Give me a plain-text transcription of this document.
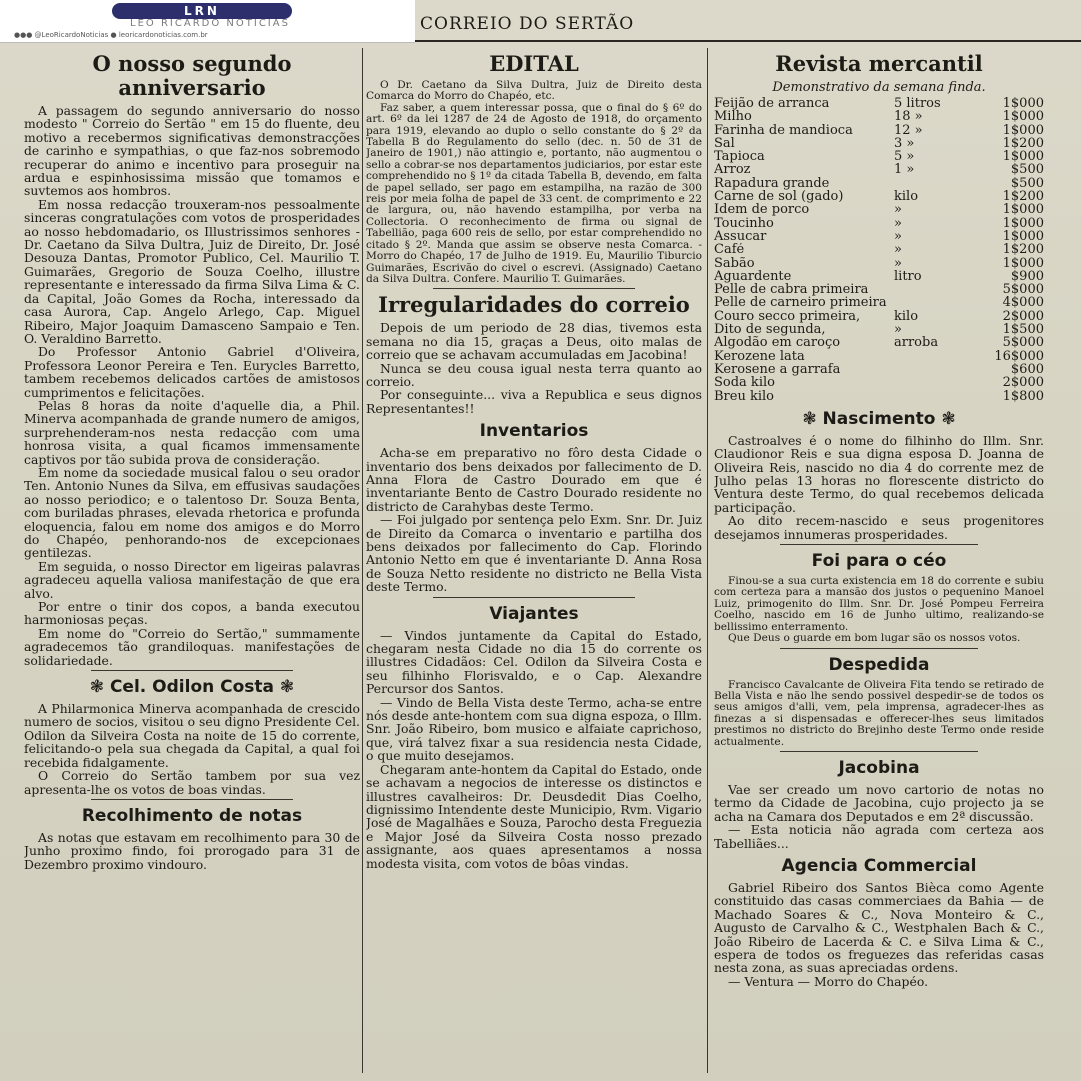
CORREIO DO SERTÃO
O nosso segundo anniversario

A passagem do segundo anniversario do nosso modesto " Correio do Sertão " em 15 do fluente, deu motivo a recebermos significativas demonstracções de carinho e sympathias, o que faz-nos sobremodo recuperar do animo e incentivo para proseguir na ardua e espinhosissima missão que tomamos e suvtemos aos hombros.

Em nossa redacção trouxeram-nos pessoalmente sinceras congratulações com votos de prosperidades ao nosso hebdomadario, os Illustrissimos senhores - Dr. Caetano da Silva Dultra, Juiz de Direito, Dr. José Desouza Dantas, Promotor Publico, Cel. Maurilio T. Guimarães, Gregorio de Souza Coelho, illustre representante e interessado da firma Silva Lima & C. da Capital, João Gomes da Rocha, interessado da casa Aurora, Cap. Angelo Arlego, Cap. Miguel Ribeiro, Major Joaquim Damasceno Sampaio e Ten. O. Veraldino Barretto.

Do Professor Antonio Gabriel d'Oliveira, Professora Leonor Pereira e Ten. Eurycles Barretto, tambem recebemos delicados cartões de amistosos cumprimentos e felicitações.

Pelas 8 horas da noite d'aquelle dia, a Phil. Minerva acompanhada de grande numero de amigos, surprehenderam-nos nesta redacção com uma honrosa visita, a qual ficamos immensamente captivos por tão subida prova de consideração.

Em nome da sociedade musical falou o seu orador Ten. Antonio Nunes da Silva, em effusivas saudações ao nosso periodico; e o talentoso Dr. Souza Benta, com buriladas phrases, elevada rhetorica e profunda eloquencia, falou em nome dos amigos e do Morro do Chapéo, penhorando-nos de excepcionaes gentilezas.

Em seguida, o nosso Director em ligeiras palavras agradeceu aquella valiosa manifestação de que era alvo.

Por entre o tinir dos copos, a banda executou harmoniosas peças.

Em nome do "Correio do Sertão," summamente agradecemos tão grandiloquas. manifestações de solidariedade.

❃ Cel. Odilon Costa ❃

A Philarmonica Minerva acompanhada de crescido numero de socios, visitou o seu digno Presidente Cel. Odilon da Silveira Costa na noite de 15 do corrente, felicitando-o pela sua chegada da Capital, a qual foi recebida fidalgamente.

O Correio do Sertão tambem por sua vez apresenta-lhe os votos de boas vindas.

Recolhimento de notas

As notas que estavam em recolhimento para 30 de Junho proximo findo, foi prorogado para 31 de Dezembro proximo vindouro.

EDITAL

O Dr. Caetano da Silva Dultra, Juiz de Direito desta Comarca do Morro do Chapéo, etc.

Faz saber, a quem interessar possa, que o final do § 6º do art. 6º da lei 1287 de 24 de Agosto de 1918, do orçamento para 1919, elevando ao duplo o sello constante do § 2º da Tabella B do Regulamento do sello (dec. n. 50 de 31 de Janeiro de 1901,) não attingio e, portanto, não augmentou o sello a cobrar-se nos departamentos judiciarios, por estar este comprehendido no § 1º da citada Tabella B, devendo, em falta de papel sellado, ser pago em estampilha, na razão de 300 reis por meia folha de papel de 33 cent. de comprimento e 22 de largura, ou, não havendo estampilha, por verba na Collectoria. O reconhecimento de firma ou signal de Tabellião, paga 600 reis de sello, por estar comprehendido no citado § 2º. Manda que assim se observe nesta Comarca. - Morro do Chapéo, 17 de Julho de 1919. Eu, Maurilio Tiburcio Guimarães, Escrivão do civel o escrevi. (Assignado) Caetano da Silva Dultra. Confere. Maurilio T. Guimarães.

Irregularidades do correio

Depois de um periodo de 28 dias, tivemos esta semana no dia 15, graças a Deus, oito malas de correio que se achavam accumuladas em Jacobina!

Nunca se deu cousa igual nesta terra quanto ao correio.

Por conseguinte... viva a Republica e seus dignos Representantes!!

Inventarios

Acha-se em preparativo no fôro desta Cidade o inventario dos bens deixados por fallecimento de D. Anna Flora de Castro Dourado em que é inventariante Bento de Castro Dourado residente no districto de Carahybas deste Termo.

— Foi julgado por sentença pelo Exm. Snr. Dr. Juiz de Direito da Comarca o inventario e partilha dos bens deixados por fallecimento do Cap. Florindo Antonio Netto em que é inventariante D. Anna Rosa de Souza Netto residente no districto ne Bella Vista deste Termo.

Viajantes

— Vindos juntamente da Capital do Estado, chegaram nesta Cidade no dia 15 do corrente os illustres Cidadãos: Cel. Odilon da Silveira Costa e seu filhinho Florisvaldo, e o Cap. Alexandre Percursor dos Santos.

— Vindo de Bella Vista deste Termo, acha-se entre nós desde ante-hontem com sua digna espoza, o Illm. Snr. João Ribeiro, bom musico e alfaiate caprichoso, que, virá talvez fixar a sua residencia nesta Cidade, o que muito desejamos.

Chegaram ante-hontem da Capital do Estado, onde se achavam a negocios de interesse os distinctos e illustres cavalheiros: Dr. Deusdedit Dias Coelho, dignissimo Intendente deste Municipio, Rvm. Vigario José de Magalhães e Souza, Parocho desta Freguezia e Major José da Silveira Costa nosso prezado assignante, aos quaes apresentamos a nossa modesta visita, com votos de bôas vindas.

Revista mercantil
Demonstrativo da semana finda.
Feijão de arranca	5 litros	1$000
Milho	18 »	1$000
Farinha de mandioca	12 »	1$000
Sal	3 »	1$200
Tapioca	5 »	1$000
Arroz	1 »	$500
Rapadura grande	$500
Carne de sol (gado)	kilo	1$200
Idem de porco	»	1$000
Toucinho	»	1$000
Assucar	»	1$000
Café	»	1$200
Sabão	»	1$000
Aguardente	litro	$900
Pelle de cabra primeira	5$000
Pelle de carneiro primeira	4$000
Couro secco primeira,	kilo	2$000
Dito de segunda,	»	1$500
Algodão em caroço	arroba	5$000
Kerozene lata	16$000
Kerosene a garrafa	$600
Soda kilo	2$000
Breu kilo	1$800
❃ Nascimento ❃

Castroalves é o nome do filhinho do Illm. Snr. Claudionor Reis e sua digna esposa D. Joanna de Oliveira Reis, nascido no dia 4 do corrente mez de Julho pelas 13 horas no florescente districto do Ventura deste Termo, do qual recebemos delicada participação.

Ao dito recem-nascido e seus progenitores desejamos innumeras prosperidades.

Foi para o céo

Finou-se a sua curta existencia em 18 do corrente e subiu com certeza para a mansão dos justos o pequenino Manoel Luiz, primogenito do Illm. Snr. Dr. José Pompeu Ferreira Coelho, nascido em 16 de Junho ultimo, realizando-se bellissimo enterramento.

Que Deus o guarde em bom lugar são os nossos votos.

Despedida

Francisco Cavalcante de Oliveira Fita tendo se retirado de Bella Vista e não lhe sendo possivel despedir-se de todos os seus amigos d'alli, vem, pela imprensa, agradecer-lhes as finezas a si dispensadas e offerecer-lhes seus limitados prestimos no districto do Brejinho deste Termo onde reside actualmente.

Jacobina

Vae ser creado um novo cartorio de notas no termo da Cidade de Jacobina, cujo projecto ja se acha na Camara dos Deputados e em 2ª discussão.

— Esta noticia não agrada com certeza aos Tabelliães...

Agencia Commercial

Gabriel Ribeiro dos Santos Bièca como Agente constituido das casas commerciaes da Bahia — de Machado Soares & C., Nova Monteiro & C., Augusto de Carvalho & C., Westphalen Bach & C., João Ribeiro de Lacerda & C. e Silva Lima & C., espera de todos os freguezes das referidas casas nesta zona, as suas apreciadas ordens.

— Ventura — Morro do Chapéo.

LRN
LEO RICARDO NOTICIAS
●●● @LeoRicardoNoticias ● leoricardonoticias.com.br
